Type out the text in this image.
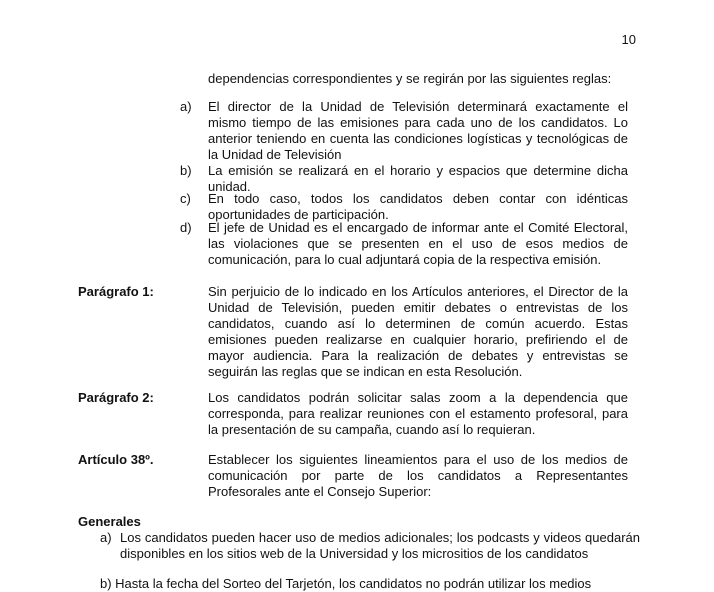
10
dependencias correspondientes y se regirán por las siguientes reglas:
a)	El director de la Unidad de Televisión determinará exactamente el mismo tiempo de las emisiones para cada uno de los candidatos. Lo anterior teniendo en cuenta las condiciones logísticas y tecnológicas de la Unidad de Televisión
b)	La emisión se realizará en el horario y espacios que determine dicha unidad.
c)	En todo caso, todos los candidatos deben contar con idénticas oportunidades de participación.
d)	El jefe de Unidad es el encargado de informar ante el Comité Electoral, las violaciones que se presenten en el uso de esos medios de comunicación, para lo cual adjuntará copia de la respectiva emisión.
Parágrafo 1:	Sin perjuicio de lo indicado en los Artículos anteriores, el Director de la Unidad de Televisión, pueden emitir debates o entrevistas de los candidatos, cuando así lo determinen de común acuerdo. Estas emisiones pueden realizarse en cualquier horario, prefiriendo el de mayor audiencia. Para la realización de debates y entrevistas se seguirán las reglas que se indican en esta Resolución.
Parágrafo 2:	Los candidatos podrán solicitar salas zoom a la dependencia que corresponda, para realizar reuniones con el estamento profesoral, para la presentación de su campaña, cuando así lo requieran.
Artículo 38º.	Establecer los siguientes lineamientos para el uso de los medios de comunicación por parte de los candidatos a Representantes Profesorales ante el Consejo Superior:
Generales
a) Los candidatos pueden hacer uso de medios adicionales; los podcasts y videos quedarán disponibles en los sitios web de la Universidad y los micrositios de los candidatos
b) Hasta la fecha del Sorteo del Tarjetón, los candidatos no podrán utilizar los medios
